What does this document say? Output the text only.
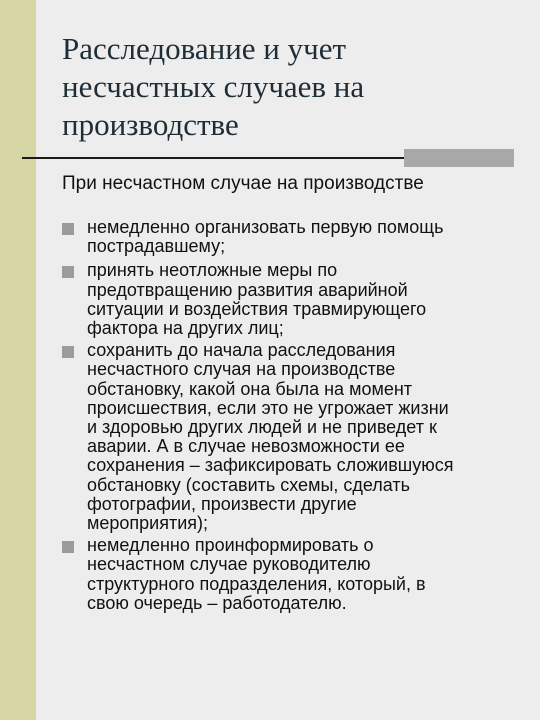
Расследование и учет
несчастных случаев на
производстве

При несчастном случае на производстве

немедленно организовать первую помощь
пострадавшему;
принять неотложные меры по
предотвращению развития аварийной
ситуации и воздействия травмирующего
фактора на других лиц;
сохранить до начала расследования
несчастного случая на производстве
обстановку, какой она была на момент
происшествия, если это не угрожает жизни
и здоровью других людей и не приведет к
аварии. А в случае невозможности ее
сохранения – зафиксировать сложившуюся
обстановку (составить схемы, сделать
фотографии, произвести другие
мероприятия);
немедленно проинформировать о
несчастном случае руководителю
структурного подразделения, который, в
свою очередь – работодателю.
